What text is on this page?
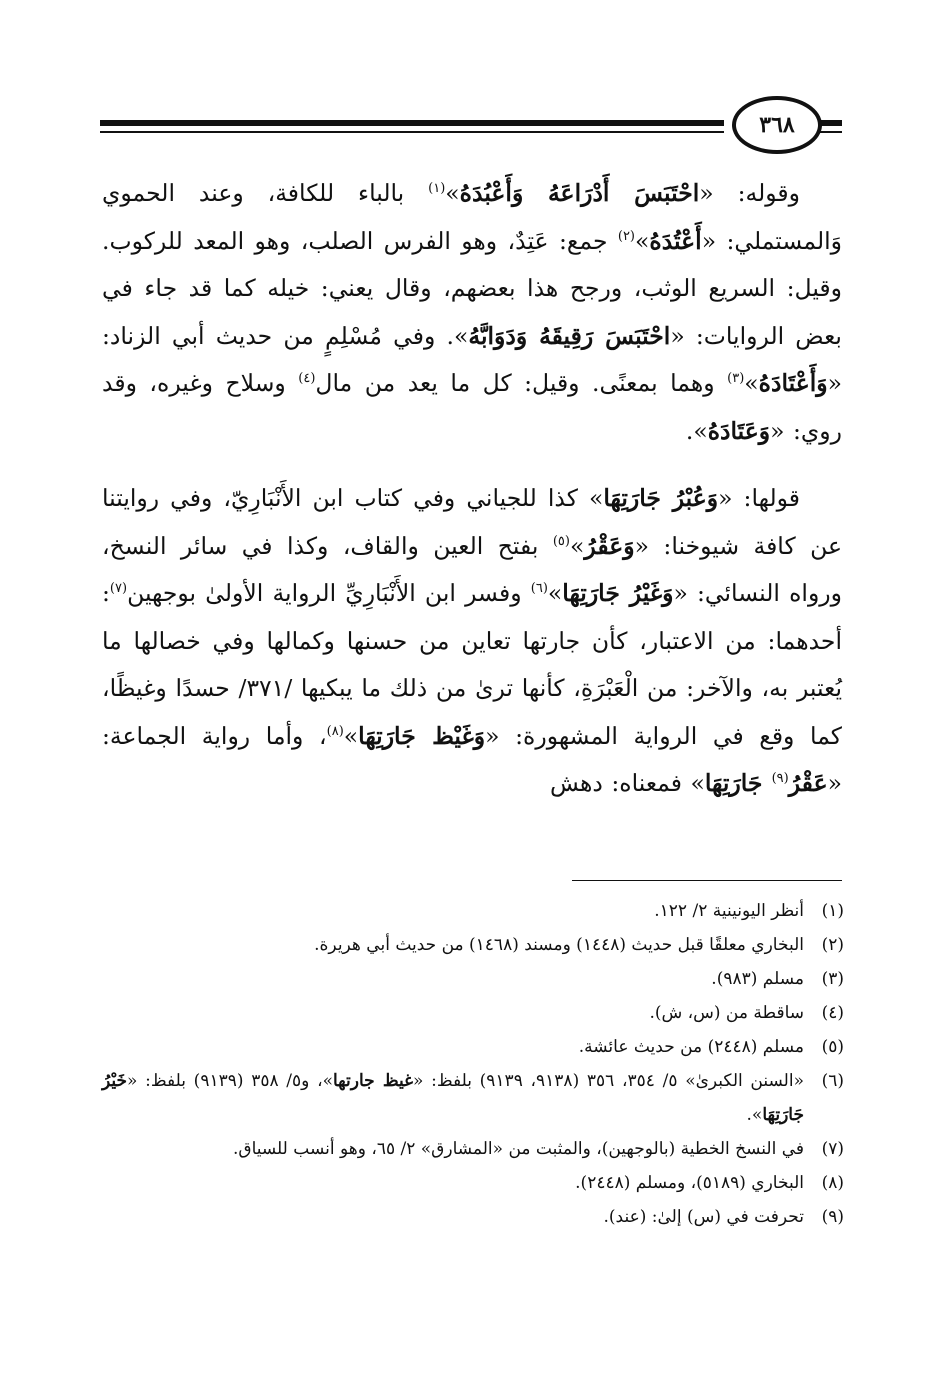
٣٦٨

وقوله: «احْتَبَسَ أَدْرَاعَهُ وَأَعْبُدَهُ»$^{(١)}$ بالباء للكافة، وعند الحموي وَالمستملي: «أَعْتُدَهُ»$^{(٢)}$ جمع: عَتِدٌ، وهو الفرس الصلب، وهو المعد للركوب. وقيل: السريع الوثب، ورجح هذا بعضهم، وقال يعني: خيله كما قد جاء في بعض الروايات: «احْتَبَسَ رَقِيقَهُ وَدَوَابَّهُ». وفي مُسْلِمٍ من حديث أبي الزناد: «وَأَعْتَادَهُ»$^{(٣)}$ وهما بمعنًى. وقيل: كل ما يعد من مال$^{(٤)}$ وسلاح وغيره، وقد روي: «وَعَتَادَهُ».

قولها: «وَعُبْرُ جَارَتِهَا» كذا للجياني وفي كتاب ابن الأَنْبَارِيّ، وفي روايتنا عن كافة شيوخنا: «وَعَقْرُ»$^{(٥)}$ بفتح العين والقاف، وكذا في سائر النسخ، ورواه النسائي: «وَغَيْرُ جَارَتِهَا»$^{(٦)}$ وفسر ابن الأَنْبَارِيِّ الرواية الأولىٰ بوجهين$^{(٧)}$: أحدهما: من الاعتبار، كأن جارتها تعاين من حسنها وكمالها وفي خصالها ما يُعتبر به، والآخر: من الْعَبْرَةِ، كأنها ترىٰ من ذلك ما يبكيها /٣٧١/ حسدًا وغيظًا، كما وقع في الرواية المشهورة: «وَغَيْظ جَارَتِهَا»$^{(٨)}$، وأما رواية الجماعة: «عَقْرُ$^{(٩)}$ جَارَتِهَا» فمعناه: دهش

(١)
أنظر اليونينية ٢/ ١٢٢.
(٢)
البخاري معلقًا قبل حديث (١٤٤٨) ومسند (١٤٦٨) من حديث أبي هريرة.
(٣)
مسلم (٩٨٣).
(٤)
ساقطة من (س، ش).
(٥)
مسلم (٢٤٤٨) من حديث عائشة.
(٦)
«السنن الكبرىٰ» ٥/ ٣٥٤، ٣٥٦ (٩١٣٨، ٩١٣٩) بلفظ: «غيظ جارتها»، و٥/ ٣٥٨ (٩١٣٩) بلفظ: «خَيْرُ جَارَتِهَا».
(٧)
في النسخ الخطية (بالوجهين)، والمثبت من «المشارق» ٢/ ٦٥، وهو أنسب للسياق.
(٨)
البخاري (٥١٨٩)، ومسلم (٢٤٤٨).
(٩)
تحرفت في (س) إلىٰ: (عند).
